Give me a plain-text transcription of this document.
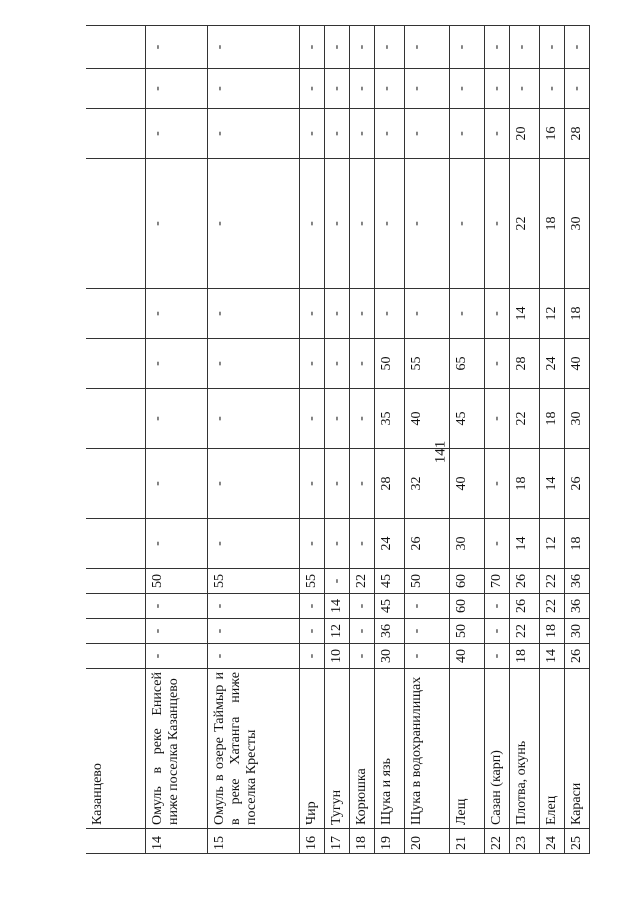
141
	Казанцево													
14	Омуль в реке Енисей ниже поселка Казанцево	-	-	-	50	-	-	-	-	-	-	-	-	-
15	Омуль в озере Таймыр и в реке Хатанга ниже поселка Кресты	-	-	-	55	-	-	-	-	-	-	-	-	-
16	Чир	-	-	-	55	-	-	-	-	-	-	-	-	-
17	Тугун	10	12	14	-	-	-	-	-	-	-	-	-	-
18	Корюшка	-	-	-	22	-	-	-	-	-	-	-	-	-
19	Щука и язь	30	36	45	45	24	28	35	50	-	-	-	-	-
20	Щука в водохранилищах	-	-	-	50	26	32	40	55	-	-	-	-	-
21	Лещ	40	50	60	60	30	40	45	65	-	-	-	-	-
22	Сазан (карп)	-	-	-	70	-	-	-	-	-	-	-	-	-
23	Плотва, окунь	18	22	26	26	14	18	22	28	14	22	20	-	-
24	Елец	14	18	22	22	12	14	18	24	12	18	16	-	-
25	Караси	26	30	36	36	18	26	30	40	18	30	28	-	-
